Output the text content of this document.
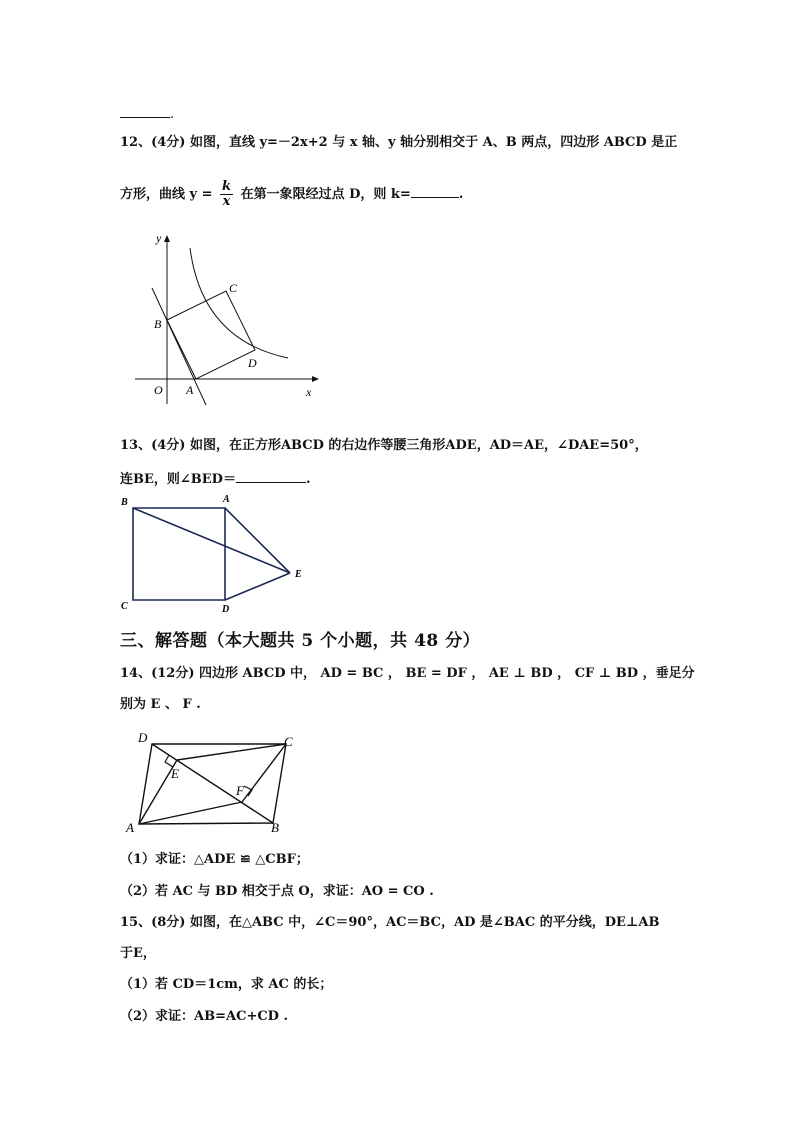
.
12、(4分) 如图，直线 y=－2x+2 与 x 轴、y 轴分别相交于 A、B 两点，四边形 ABCD 是正
方形，曲线 $y = \frac{k}{x}$ 在第一象限经过点 D，则 k=	.
y
x
O A
B
C
D
13、(4分) 如图，在正方形ABCD 的右边作等腰三角形ADE，AD＝AE，∠DAE=50°，
连BE，则∠BED＝	.
B	A
C	D
E
三、解答题（本大题共 5 个小题，共 48 分）
14、(12分) 四边形 ABCD 中， AD = BC ， BE = DF ， AE ⊥ BD ， CF ⊥ BD ，垂足分
别为 E 、 F .
D	C
E
F
A	B
（1）求证：△ADE ≌ △CBF；
（2）若 AC 与 BD 相交于点 O，求证：AO = CO .
15、(8分) 如图，在△ABC 中，∠C＝90°，AC＝BC，AD 是∠BAC 的平分线，DE⊥AB
于E，
（1）若 CD＝1cm，求 AC 的长；
（2）求证：AB=AC+CD .
